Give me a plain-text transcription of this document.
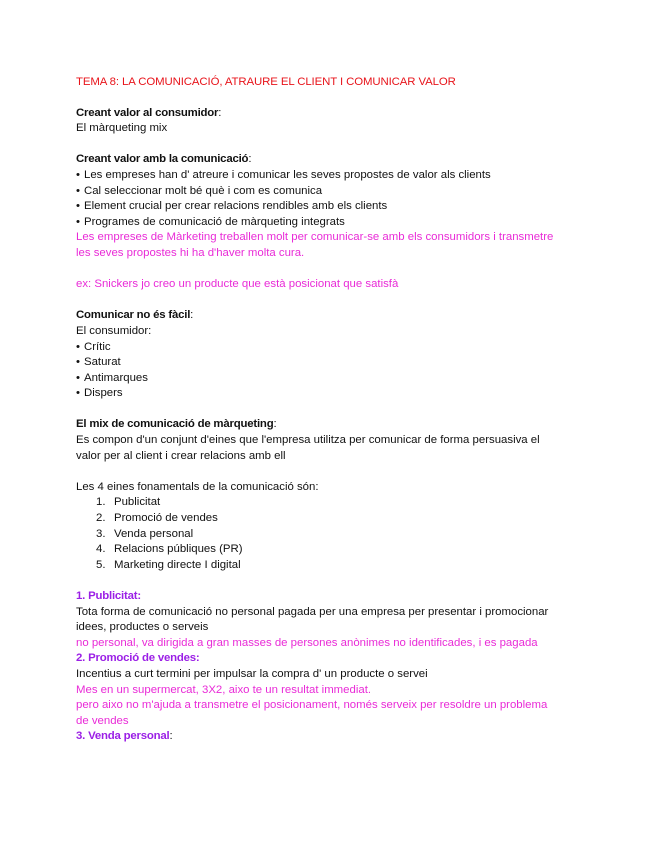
TEMA 8: LA COMUNICACIÓ, ATRAURE EL CLIENT I COMUNICAR VALOR
Creant valor al consumidor:
El màrqueting mix
Creant valor amb la comunicació:
• Les empreses han d' atreure i comunicar les seves propostes de valor als clients
• Cal seleccionar molt bé què i com es comunica
• Element crucial per crear relacions rendibles amb els clients
• Programes de comunicació de màrqueting integrats
Les empreses de Màrketing treballen molt per comunicar-se amb els consumidors i transmetre
les seves propostes hi ha d'haver molta cura.
ex: Snickers jo creo un producte que està posicionat que satisfà
Comunicar no és fàcil:
El consumidor:
• Crític
• Saturat
• Antimarques
• Dispers
El mix de comunicació de màrqueting:
Es compon d'un conjunt d'eines que l'empresa utilitza per comunicar de forma persuasiva el
valor per al client i crear relacions amb ell
Les 4 eines fonamentals de la comunicació són:
1. Publicitat
2. Promoció de vendes
3. Venda personal
4. Relacions públiques (PR)
5. Marketing directe I digital
1. Publicitat:
Tota forma de comunicació no personal pagada per una empresa per presentar i promocionar
idees, productes o serveis
no personal, va dirigida a gran masses de persones anònimes no identificades, i es pagada
2. Promoció de vendes:
Incentius a curt termini per impulsar la compra d' un producte o servei
Mes en un supermercat, 3X2, aixo te un resultat immediat.
pero aixo no m'ajuda a transmetre el posicionament, només serveix per resoldre un problema
de vendes
3. Venda personal:
